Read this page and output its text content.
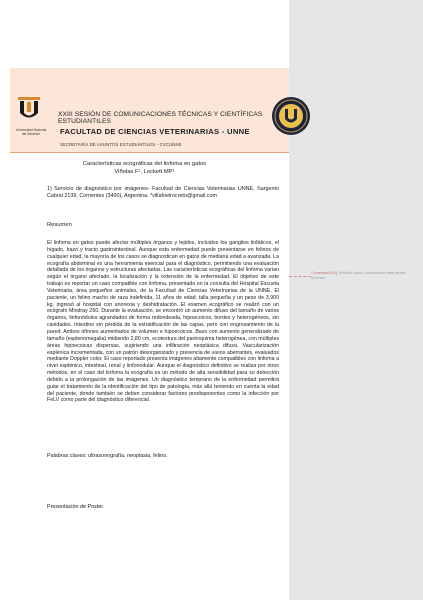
Universidad Nacional
del Nordeste
XXIII SESIÓN DE COMUNICACIONES TÉCNICAS Y CIENTÍFICAS ESTUDIANTILES
FACULTAD DE CIENCIAS VETERINARIAS - UNNE
SECRETARÍA DE ASUNTOS ESTUDIANTILES - CVCUNNE
Características ecográficas del linfoma en gatos
Viñolas F¹, Lockett MP¹
1) Servicio de diagnóstico por imágenes- Facultad de Ciencias Veterinarias UNNE, Sargento Cabral 2139, Corrientes (3400), Argentina. *villafoelrocreto@gmail.com
Resumen
El linfoma en gatos puede afectar múltiples órganos y tejidos, incluidos los ganglios linfáticos, el hígado, bazo y tracto gastrointestinal. Aunque esta enfermedad puede presentarse en felinos de cualquier edad, la mayoría de los casos se diagnostican en gatos de mediana edad a avanzada. La ecografía abdominal es una herramienta esencial para el diagnóstico, permitiendo una evaluación detallada de los órganos y estructuras afectadas. Las características ecográficas del linfoma varían según el órgano afectado, la localización y la extensión de la enfermedad. El objetivo de este trabajo es reportar un caso compatible con linfoma, presentado en la consulta del Hospital Escuela Veterinaria, área pequeños animales, de la Facultad de Ciencias Veterinarias de la UNNE. El paciente, un felino macho de raza indefinida, 11 años de edad, talla pequeña y un peso de 3,900 kg, ingresó al hospital con anorexia y deshidratación. El examen ecográfico se realizó con un ecógrafo Mindray Z60. Durante la evaluación, se encontró un aumento difuso del tamaño de varios órganos, linfonódulos agrandados de forma redondeada, hipoecoicos, bordes y heterogéneos, sin cavidades. Intestino sin pérdida de la estratificación de las capas, pero con engrosamiento de la pared. Ambos riñones aumentados de volumen e hipoecoicos. Bazo con aumento generalizado de tamaño (esplenomegalia) midiendo 2,80 cm, ecotextura del parénquima heterogénea, con múltiples áreas hipoecoicas dispersas, sugiriendo una infiltración neoplásica difusa. Vascularización esplénica incrementada, con un patrón desorganizado y presencia de vasos aberrantes, evaluados mediante Doppler color. El caso reportado presenta imágenes altamente compatibles con linfoma a nivel esplénico, intestinal, renal y linfonodular. Aunque el diagnóstico definitivo se realiza por otros métodos, en el caso del linfoma la ecografía es un método de alta sensibilidad para su detección debido a la prolongación de las imágenes. Un diagnóstico temprano de la enfermedad permitirá guiar el tratamiento de la identificación del tipo de patología, más allá teniendo en cuenta la edad del paciente, donde también se deben considerar factores predisponentes como la infección por FeLV como parte del diagnóstico diferencial.
Palabras claves: ultrasonografía, neoplasia, felino.
Presentación de Poster.
Comentado [V1]: Modificá cómo, considerando este párrafo al revisar
